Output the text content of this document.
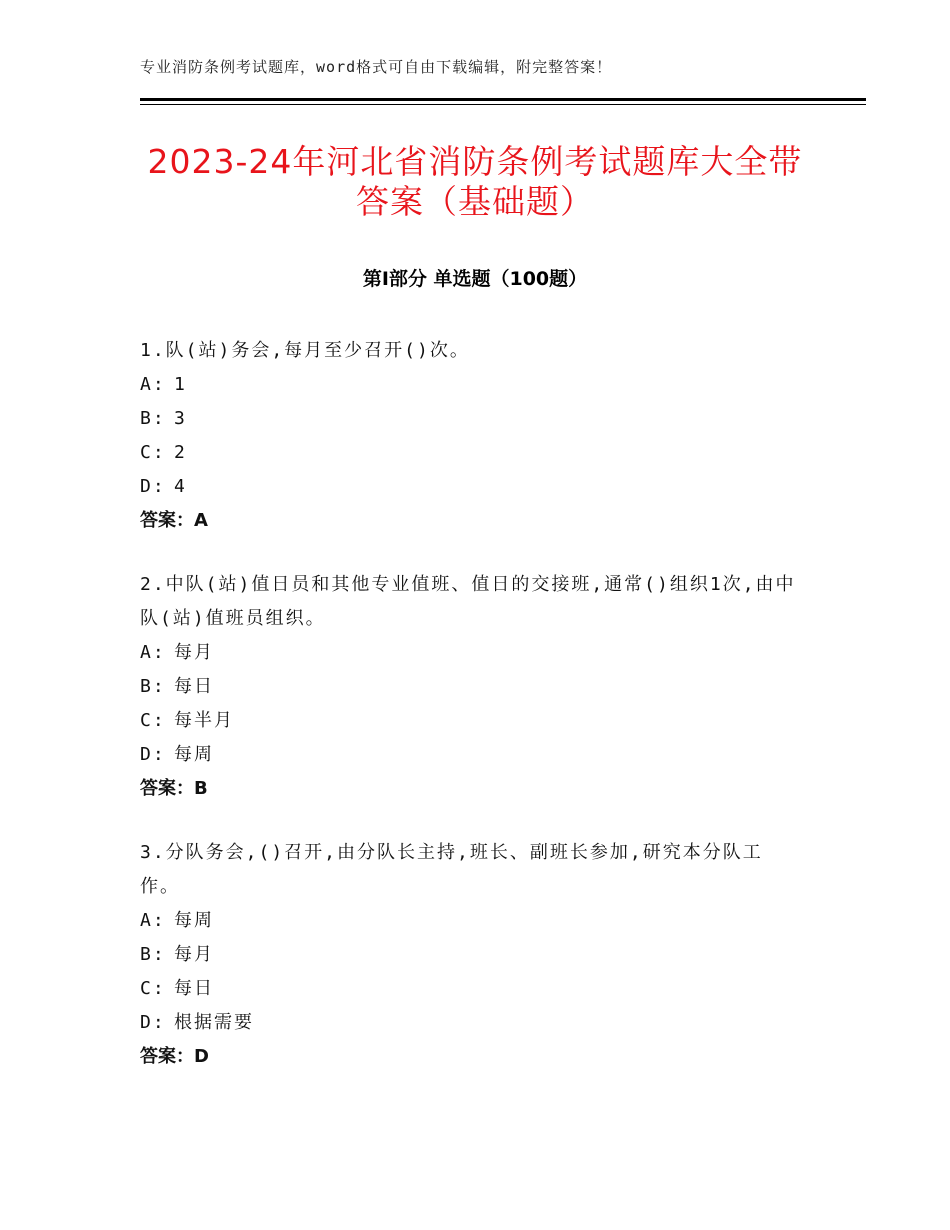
专业消防条例考试题库，word格式可自由下载编辑，附完整答案！
2023-24年河北省消防条例考试题库大全带
答案（基础题）
第Ⅰ部分 单选题（100题）
1.队(站)务会,每月至少召开()次。
A: 1
B: 3
C: 2
D: 4
答案：A
2.中队(站)值日员和其他专业值班、值日的交接班,通常()组织1次,由中队(站)值班员组织。
A: 每月
B: 每日
C: 每半月
D: 每周
答案：B
3.分队务会,()召开,由分队长主持,班长、副班长参加,研究本分队工作。
A: 每周
B: 每月
C: 每日
D: 根据需要
答案：D
